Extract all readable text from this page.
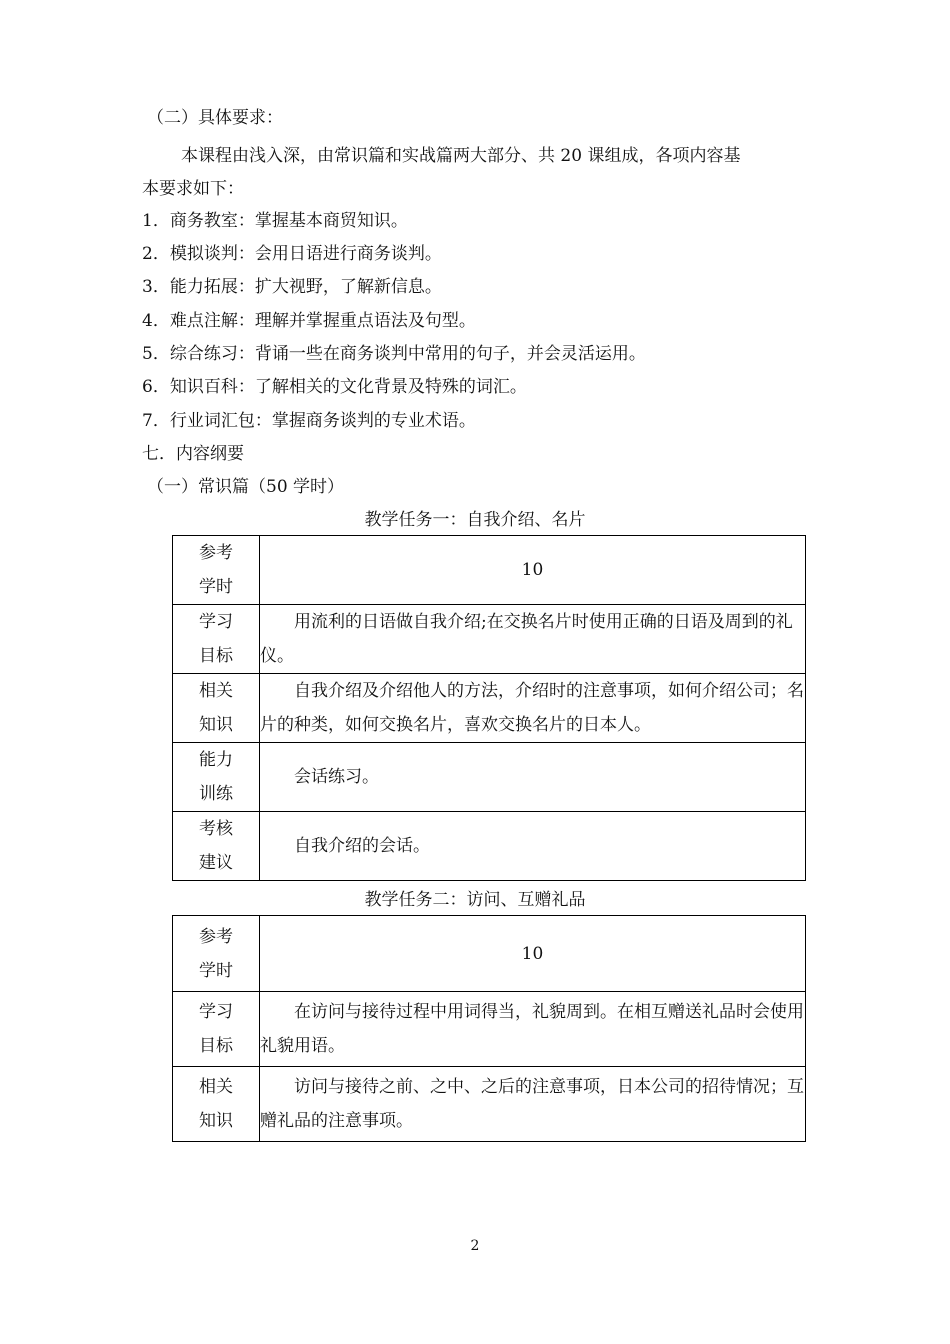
（二）具体要求：
本课程由浅入深，由常识篇和实战篇两大部分、共 20 课组成，各项内容基
本要求如下：
1．商务教室：掌握基本商贸知识。
2．模拟谈判：会用日语进行商务谈判。
3．能力拓展：扩大视野，了解新信息。
4．难点注解：理解并掌握重点语法及句型。
5．综合练习：背诵一些在商务谈判中常用的句子，并会灵活运用。
6．知识百科：了解相关的文化背景及特殊的词汇。
7．行业词汇包：掌握商务谈判的专业术语。
七．内容纲要
（一）常识篇（50 学时）
教学任务一：自我介绍、名片
参考
学时	10
学习
目标	用流利的日语做自我介绍;在交换名片时使用正确的日语及周到的礼仪。

相关
知识	自我介绍及介绍他人的方法，介绍时的注意事项，如何介绍公司；名片的种类，如何交换名片，喜欢交换名片的日本人。

能力
训练	会话练习。

考核
建议	自我介绍的会话。
教学任务二：访问、互赠礼品
参考
学时	10
学习
目标	在访问与接待过程中用词得当，礼貌周到。在相互赠送礼品时会使用礼貌用语。

相关
知识	访问与接待之前、之中、之后的注意事项，日本公司的招待情况；互赠礼品的注意事项。
2
